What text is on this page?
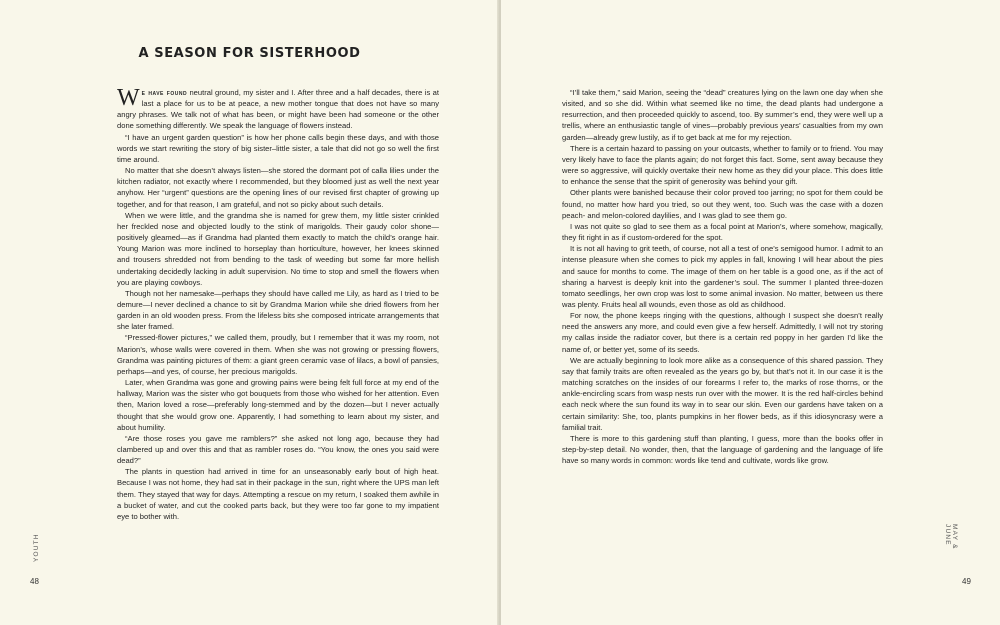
A SEASON FOR SISTERHOOD

We have found neutral ground, my sister and I. After three and a half decades, there is at last a place for us to be at peace, a new mother tongue that does not have so many angry phrases. We talk not of what has been, or might have been had someone or the other done something differently. We speak the language of flowers instead.

“I have an urgent garden question” is how her phone calls begin these days, and with those words we start rewriting the story of big sister–little sister, a tale that did not go so well the first time around.

No matter that she doesn’t always listen—she stored the dormant pot of calla lilies under the kitchen radiator, not exactly where I recommended, but they bloomed just as well the next year anyhow. Her “urgent” questions are the opening lines of our revised first chapter of growing up together, and for that reason, I am grateful, and not so picky about such details.

When we were little, and the grandma she is named for grew them, my little sister crinkled her freckled nose and objected loudly to the stink of marigolds. Their gaudy color shone—positively gleamed—as if Grandma had planted them exactly to match the child’s orange hair. Young Marion was more inclined to horseplay than horticulture, however, her knees skinned and trousers shredded not from bending to the task of weeding but some far more hellish undertaking decidedly lacking in adult supervision. No time to stop and smell the flowers when you are playing cowboys.

Though not her namesake—perhaps they should have called me Lily, as hard as I tried to be demure—I never declined a chance to sit by Grandma Marion while she dried flowers from her garden in an old wooden press. From the lifeless bits she composed intricate arrangements that she later framed.

“Pressed-flower pictures,” we called them, proudly, but I remember that it was my room, not Marion’s, whose walls were covered in them. When she was not growing or pressing flowers, Grandma was painting pictures of them: a giant green ceramic vase of lilacs, a bowl of pansies, perhaps—and yes, of course, her precious marigolds.

Later, when Grandma was gone and growing pains were being felt full force at my end of the hallway, Marion was the sister who got bouquets from those who wished for her attention. Even then, Marion loved a rose—preferably long-stemmed and by the dozen—but I never actually thought that she would grow one. Apparently, I had something to learn about my sister, and about humility.

“Are those roses you gave me ramblers?” she asked not long ago, because they had clambered up and over this and that as rambler roses do. “You know, the ones you said were dead?”

The plants in question had arrived in time for an unseasonably early bout of high heat. Because I was not home, they had sat in their package in the sun, right where the UPS man left them. They stayed that way for days. Attempting a rescue on my return, I soaked them awhile in a bucket of water, and cut the cooked parts back, but they were too far gone to my impatient eye to bother with.

YOUTH
48

“I’ll take them,” said Marion, seeing the “dead” creatures lying on the lawn one day when she visited, and so she did. Within what seemed like no time, the dead plants had undergone a resurrection, and then proceeded quickly to ascend, too. By summer’s end, they were well up a trellis, where an enthusiastic tangle of vines—probably previous years’ casualties from my own garden—already grew lustily, as if to get back at me for my rejection.

There is a certain hazard to passing on your outcasts, whether to family or to friend. You may very likely have to face the plants again; do not forget this fact. Some, sent away because they were so aggressive, will quickly overtake their new home as they did your place. This does little to enhance the sense that the spirit of generosity was behind your gift.

Other plants were banished because their color proved too jarring; no spot for them could be found, no matter how hard you tried, so out they went, too. Such was the case with a dozen peach- and melon-colored daylilies, and I was glad to see them go.

I was not quite so glad to see them as a focal point at Marion’s, where somehow, magically, they fit right in as if custom-ordered for the spot.

It is not all having to grit teeth, of course, not all a test of one’s semigood humor. I admit to an intense pleasure when she comes to pick my apples in fall, knowing I will hear about the pies and sauce for months to come. The image of them on her table is a good one, as if the act of sharing a harvest is deeply knit into the gardener’s soul. The summer I planted three-dozen tomato seedlings, her own crop was lost to some animal invasion. No matter, between us there was plenty. Fruits heal all wounds, even those as old as childhood.

For now, the phone keeps ringing with the questions, although I suspect she doesn’t really need the answers any more, and could even give a few herself. Admittedly, I will not try storing my callas inside the radiator cover, but there is a certain red poppy in her garden I’d like the name of, or better yet, some of its seeds.

We are actually beginning to look more alike as a consequence of this shared passion. They say that family traits are often revealed as the years go by, but that’s not it. In our case it is the matching scratches on the insides of our forearms I refer to, the marks of rose thorns, or the ankle-encircling scars from wasp nests run over with the mower. It is the red half-circles behind each neck where the sun found its way in to sear our skin. Even our gardens have taken on a certain similarity: She, too, plants pumpkins in her flower beds, as if this idiosyncrasy were a familial trait.

There is more to this gardening stuff than planting, I guess, more than the books offer in step-by-step detail. No wonder, then, that the language of gardening and the language of life have so many words in common: words like tend and cultivate, words like grow.

MAY & JUNE
49
